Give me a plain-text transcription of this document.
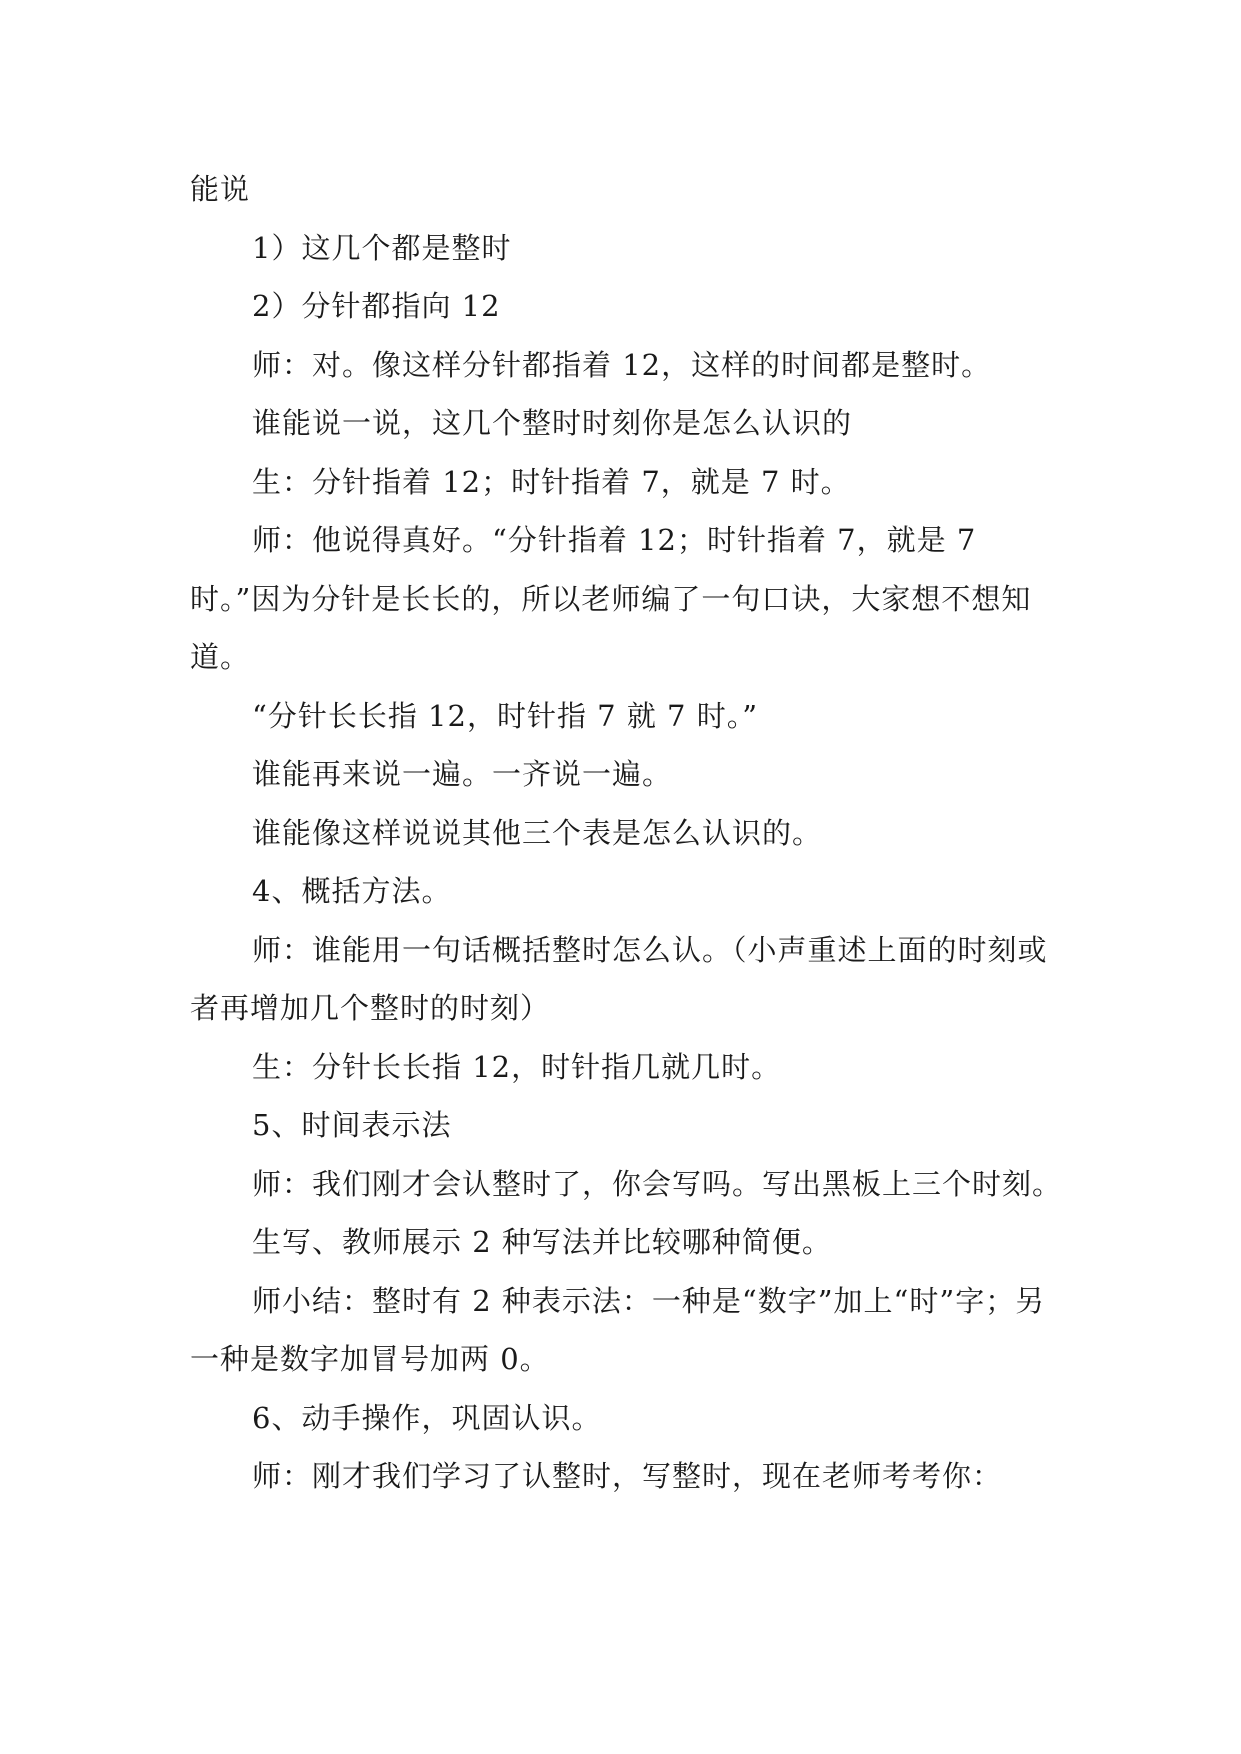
能说

1）这几个都是整时

2）分针都指向 12

师：对。像这样分针都指着 12，这样的时间都是整时。

谁能说一说，这几个整时时刻你是怎么认识的

生：分针指着 12；时针指着 7，就是 7 时。

师：他说得真好。“分针指着 12；时针指着 7，就是 7 时。”因为分针是长长的，所以老师编了一句口诀，大家想不想知道。

“分针长长指 12，时针指 7 就 7 时。”

谁能再来说一遍。一齐说一遍。

谁能像这样说说其他三个表是怎么认识的。

4、概括方法。

师：谁能用一句话概括整时怎么认。（小声重述上面的时刻或者再增加几个整时的时刻）

生：分针长长指 12，时针指几就几时。

5、时间表示法

师：我们刚才会认整时了，你会写吗。写出黑板上三个时刻。

生写、教师展示 2 种写法并比较哪种简便。

师小结：整时有 2 种表示法：一种是“数字”加上“时”字；另一种是数字加冒号加两 0。

6、动手操作，巩固认识。

师：刚才我们学习了认整时，写整时，现在老师考考你：
